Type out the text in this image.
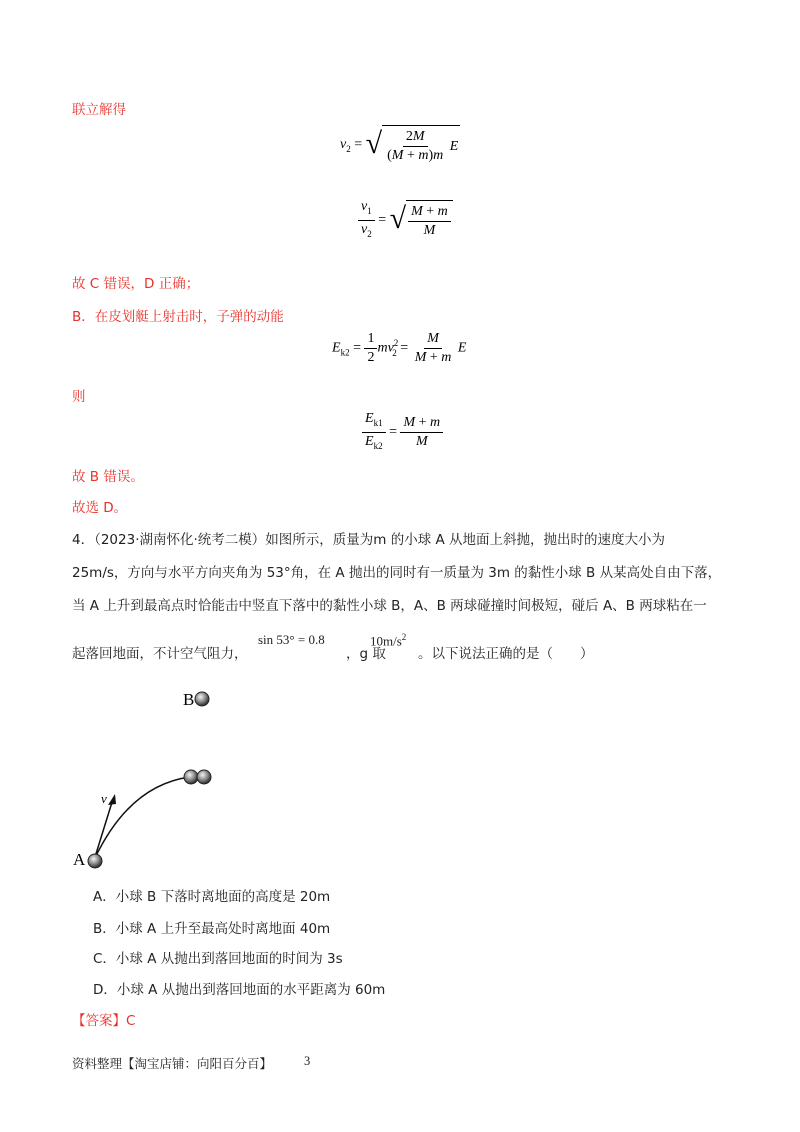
联立解得
$v_2$ = √ $\frac{2M}{(M + m)m}$
E
$\frac{v_1}{v_2}$ = √ $\frac{M + m}{M}$
故 C 错误，D 正确；
B．在皮划艇上射击时，子弹的动能
$E_{k2} = \frac{1}{2} mv^2_2 = \frac{M}{M + m}$ E
则
$\frac{E_{k1}}{E_{k2}} = \frac{M + m}{M}$
故 B 错误。
故选 D。
4．（2023·湖南怀化·统考二模）如图所示，质量为m 的小球 A 从地面上斜抛，抛出时的速度大小为
25m/s，方向与水平方向夹角为 53°角，在 A 抛出的同时有一质量为 3m 的黏性小球 B 从某高处自由下落，
当 A 上升到最高点时恰能击中竖直下落中的黏性小球 B，A、B 两球碰撞时间极短，碰后 A、B 两球粘在一
起落回地面，不计空气阻力，
sin 53° = 0.8
，g 取
$10m/s^2$
。以下说法正确的是（　　）
B
v
A
A．小球 B 下落时离地面的高度是 20m
B．小球 A 上升至最高处时离地面 40m
C．小球 A 从抛出到落回地面的时间为 3s
D．小球 A 从抛出到落回地面的水平距离为 60m
【答案】C
资料整理【淘宝店铺：向阳百分百】	3
